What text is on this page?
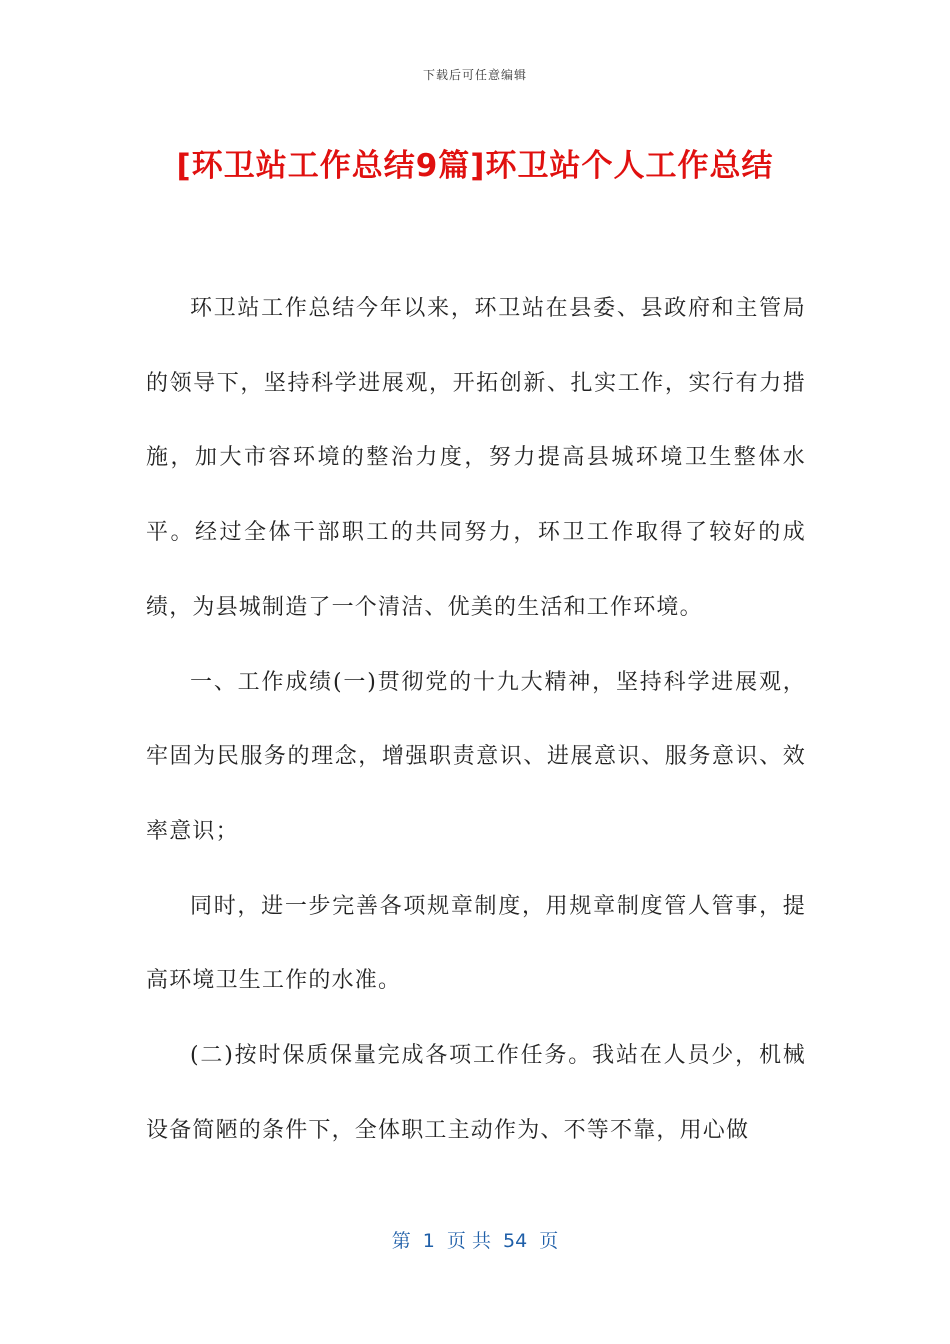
下载后可任意编辑
[环卫站工作总结9篇]环卫站个人工作总结

环卫站工作总结今年以来，环卫站在县委、县政府和主管局的领导下，坚持科学进展观，开拓创新、扎实工作，实行有力措施，加大市容环境的整治力度，努力提高县城环境卫生整体水平。经过全体干部职工的共同努力，环卫工作取得了较好的成绩，为县城制造了一个清洁、优美的生活和工作环境。

一、工作成绩(一)贯彻党的十九大精神，坚持科学进展观，牢固为民服务的理念，增强职责意识、进展意识、服务意识、效率意识；

同时，进一步完善各项规章制度，用规章制度管人管事，提高环境卫生工作的水准。

(二)按时保质保量完成各项工作任务。我站在人员少，机械设备简陋的条件下，全体职工主动作为、不等不靠，用心做

第  1  页 共  54  页
